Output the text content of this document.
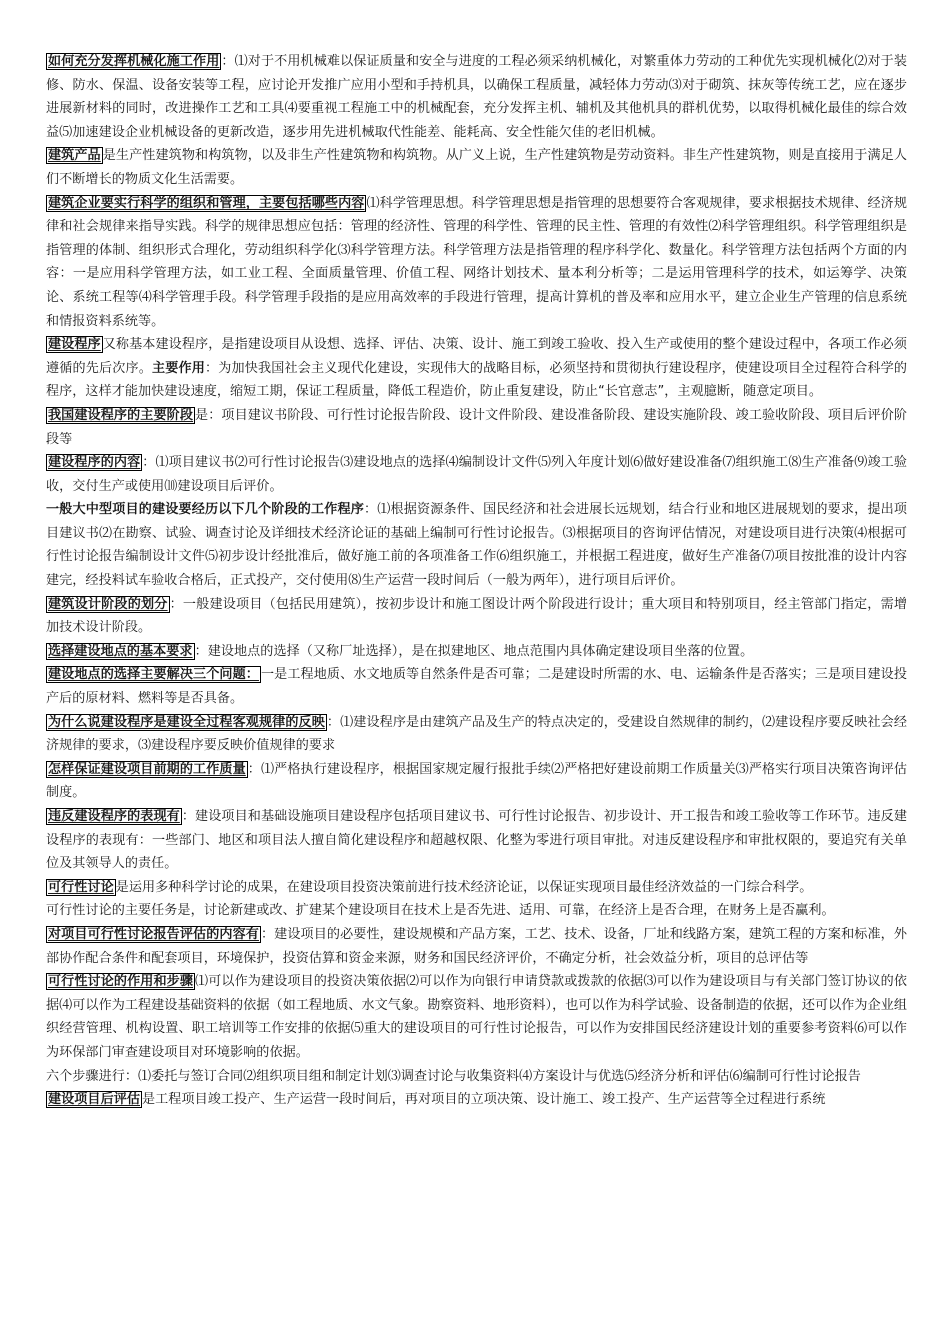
如何充分发挥机械化施工作用 ：⑴对于不用机械难以保证质量和安全与进度的工程必须采纳机械化，对繁重体力劳动的工种优先实现机械化⑵对于装修、防水、保温、设备安装等工程，应讨论开发推广应用小型和手持机具，以确保工程质量，减轻体力劳动⑶对于砌筑、抹灰等传统工艺，应在逐步进展新材料的同时，改进操作工艺和工具⑷要重视工程施工中的机械配套，充分发挥主机、辅机及其他机具的群机优势，以取得机械化最佳的综合效益⑸加速建设企业机械设备的更新改造，逐步用先进机械取代性能差、能耗高、安全性能欠佳的老旧机械。

建筑产品 是生产性建筑物和构筑物，以及非生产性建筑物和构筑物。从广义上说，生产性建筑物是劳动资料。非生产性建筑物，则是直接用于满足人们不断增长的物质文化生活需要。

建筑企业要实行科学的组织和管理，主要包括哪些内容 ⑴科学管理思想。科学管理思想是指管理的思想要符合客观规律，要求根据技术规律、经济规律和社会规律来指导实践。科学的规律思想应包括：管理的经济性、管理的科学性、管理的民主性、管理的有效性⑵科学管理组织。科学管理组织是指管理的体制、组织形式合理化，劳动组织科学化⑶科学管理方法。科学管理方法是指管理的程序科学化、数量化。科学管理方法包括两个方面的内容：一是应用科学管理方法，如工业工程、全面质量管理、价值工程、网络计划技术、量本利分析等；二是运用管理科学的技术，如运筹学、决策论、系统工程等⑷科学管理手段。科学管理手段指的是应用高效率的手段进行管理，提高计算机的普及率和应用水平，建立企业生产管理的信息系统和情报资料系统等。

建设程序 又称基本建设程序，是指建设项目从设想、选择、评估、决策、设计、施工到竣工验收、投入生产或使用的整个建设过程中，各项工作必须遵循的先后次序。主要作用：为加快我国社会主义现代化建设，实现伟大的战略目标，必须坚持和贯彻执行建设程序，使建设项目全过程符合科学的程序，这样才能加快建设速度，缩短工期，保证工程质量，降低工程造价，防止重复建设，防止“长官意志”，主观臆断，随意定项目。

我国建设程序的主要阶段 是：项目建议书阶段、可行性讨论报告阶段、设计文件阶段、建设准备阶段、建设实施阶段、竣工验收阶段、项目后评价阶段等

建设程序的内容 ：⑴项目建议书⑵可行性讨论报告⑶建设地点的选择⑷编制设计文件⑸列入年度计划⑹做好建设准备⑺组织施工⑻生产准备⑼竣工验收，交付生产或使用⑽建设项目后评价。

一般大中型项目的建设要经历以下几个阶段的工作程序：⑴根据资源条件、国民经济和社会进展长远规划，结合行业和地区进展规划的要求，提出项目建议书⑵在勘察、试验、调查讨论及详细技术经济论证的基础上编制可行性讨论报告。⑶根据项目的咨询评估情况，对建设项目进行决策⑷根据可行性讨论报告编制设计文件⑸初步设计经批准后，做好施工前的各项准备工作⑹组织施工，并根据工程进度，做好生产准备⑺项目按批准的设计内容建完，经投料试车验收合格后，正式投产，交付使用⑻生产运营一段时间后（一般为两年），进行项目后评价。

建筑设计阶段的划分 ：一般建设项目（包括民用建筑），按初步设计和施工图设计两个阶段进行设计；重大项目和特别项目，经主管部门指定，需增加技术设计阶段。

选择建设地点的基本要求 ：建设地点的选择（又称厂址选择），是在拟建地区、地点范围内具体确定建设项目坐落的位置。

建设地点的选择主要解决三个问题： 一是工程地质、水文地质等自然条件是否可靠；二是建设时所需的水、电、运输条件是否落实；三是项目建设投产后的原材料、燃料等是否具备。

为什么说建设程序是建设全过程客观规律的反映 ：⑴建设程序是由建筑产品及生产的特点决定的，受建设自然规律的制约，⑵建设程序要反映社会经济规律的要求，⑶建设程序要反映价值规律的要求

怎样保证建设项目前期的工作质量 ：⑴严格执行建设程序，根据国家规定履行报批手续⑵严格把好建设前期工作质量关⑶严格实行项目决策咨询评估制度。

违反建设程序的表现有 ：建设项目和基础设施项目建设程序包括项目建议书、可行性讨论报告、初步设计、开工报告和竣工验收等工作环节。违反建设程序的表现有：一些部门、地区和项目法人擅自简化建设程序和超越权限、化整为零进行项目审批。对违反建设程序和审批权限的，要追究有关单位及其领导人的责任。

可行性讨论 是运用多种科学讨论的成果，在建设项目投资决策前进行技术经济论证，以保证实现项目最佳经济效益的一门综合科学。

可行性讨论的主要任务是，讨论新建或改、扩建某个建设项目在技术上是否先进、适用、可靠，在经济上是否合理，在财务上是否赢利。

对项目可行性讨论报告评估的内容有 ：建设项目的必要性，建设规模和产品方案，工艺、技术、设备，厂址和线路方案，建筑工程的方案和标准，外部协作配合条件和配套项目，环境保护，投资估算和资金来源，财务和国民经济评价，不确定分析，社会效益分析，项目的总评估等

可行性讨论的作用和步骤 ⑴可以作为建设项目的投资决策依据⑵可以作为向银行申请贷款或拨款的依据⑶可以作为建设项目与有关部门签订协议的依据⑷可以作为工程建设基础资料的依据（如工程地质、水文气象。勘察资料、地形资料），也可以作为科学试验、设备制造的依据，还可以作为企业组织经营管理、机构设置、职工培训等工作安排的依据⑸重大的建设项目的可行性讨论报告，可以作为安排国民经济建设计划的重要参考资料⑹可以作为环保部门审查建设项目对环境影响的依据。

六个步骤进行：⑴委托与签订合同⑵组织项目组和制定计划⑶调查讨论与收集资料⑷方案设计与优选⑸经济分析和评估⑹编制可行性讨论报告

建设项目后评估 是工程项目竣工投产、生产运营一段时间后，再对项目的立项决策、设计施工、竣工投产、生产运营等全过程进行系统
